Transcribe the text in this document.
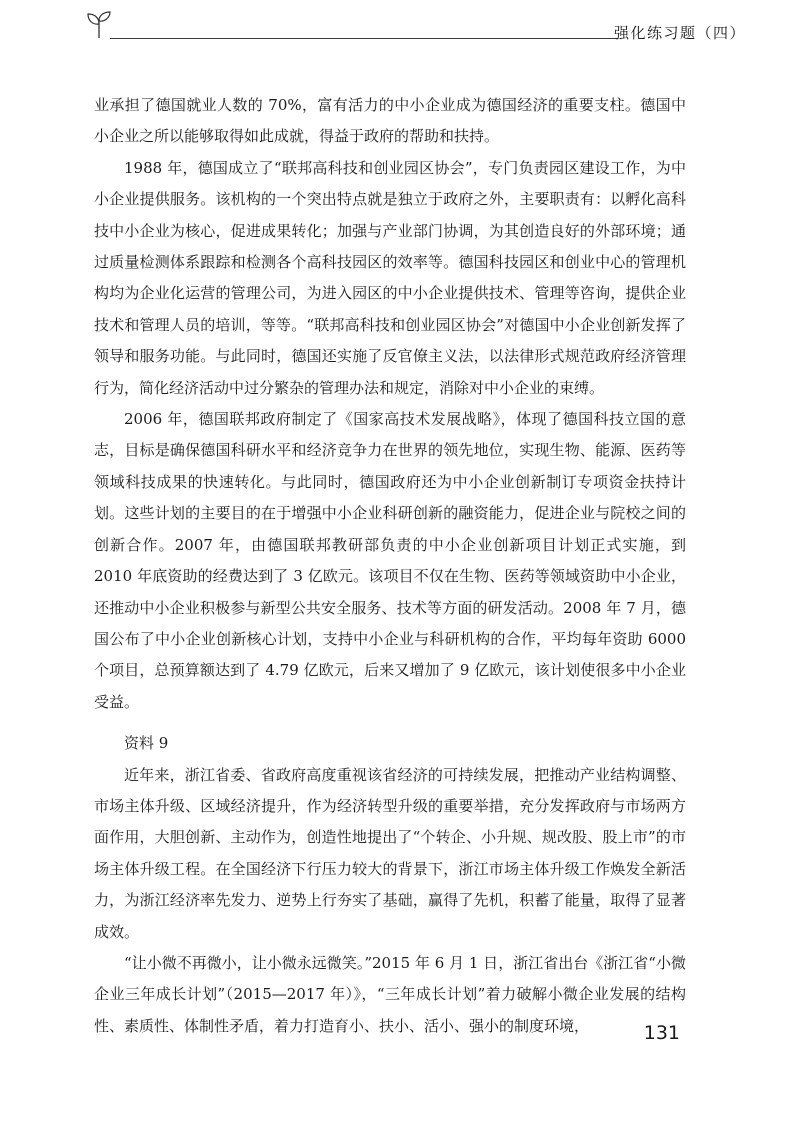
强化练习题（四）

业承担了德国就业人数的 70%，富有活力的中小企业成为德国经济的重要支柱。德国中小企业之所以能够取得如此成就，得益于政府的帮助和扶持。

1988 年，德国成立了“联邦高科技和创业园区协会”，专门负责园区建设工作，为中小企业提供服务。该机构的一个突出特点就是独立于政府之外，主要职责有：以孵化高科技中小企业为核心，促进成果转化；加强与产业部门协调，为其创造良好的外部环境；通过质量检测体系跟踪和检测各个高科技园区的效率等。德国科技园区和创业中心的管理机构均为企业化运营的管理公司，为进入园区的中小企业提供技术、管理等咨询，提供企业技术和管理人员的培训，等等。“联邦高科技和创业园区协会”对德国中小企业创新发挥了领导和服务功能。与此同时，德国还实施了反官僚主义法，以法律形式规范政府经济管理行为，简化经济活动中过分繁杂的管理办法和规定，消除对中小企业的束缚。

2006 年，德国联邦政府制定了《国家高技术发展战略》，体现了德国科技立国的意志，目标是确保德国科研水平和经济竞争力在世界的领先地位，实现生物、能源、医药等领域科技成果的快速转化。与此同时，德国政府还为中小企业创新制订专项资金扶持计划。这些计划的主要目的在于增强中小企业科研创新的融资能力，促进企业与院校之间的创新合作。2007 年，由德国联邦教研部负责的中小企业创新项目计划正式实施，到 2010 年底资助的经费达到了 3 亿欧元。该项目不仅在生物、医药等领域资助中小企业，还推动中小企业积极参与新型公共安全服务、技术等方面的研发活动。2008 年 7 月，德国公布了中小企业创新核心计划，支持中小企业与科研机构的合作，平均每年资助 6000 个项目，总预算额达到了 4.79 亿欧元，后来又增加了 9 亿欧元，该计划使很多中小企业受益。

资料 9

近年来，浙江省委、省政府高度重视该省经济的可持续发展，把推动产业结构调整、市场主体升级、区域经济提升，作为经济转型升级的重要举措，充分发挥政府与市场两方面作用，大胆创新、主动作为，创造性地提出了“个转企、小升规、规改股、股上市”的市场主体升级工程。在全国经济下行压力较大的背景下，浙江市场主体升级工作焕发全新活力，为浙江经济率先发力、逆势上行夯实了基础，赢得了先机，积蓄了能量，取得了显著成效。

“让小微不再微小，让小微永远微笑。”2015 年 6 月 1 日，浙江省出台《浙江省“小微企业三年成长计划”（2015—2017 年）》，“三年成长计划”着力破解小微企业发展的结构性、素质性、体制性矛盾，着力打造育小、扶小、活小、强小的制度环境，	131
